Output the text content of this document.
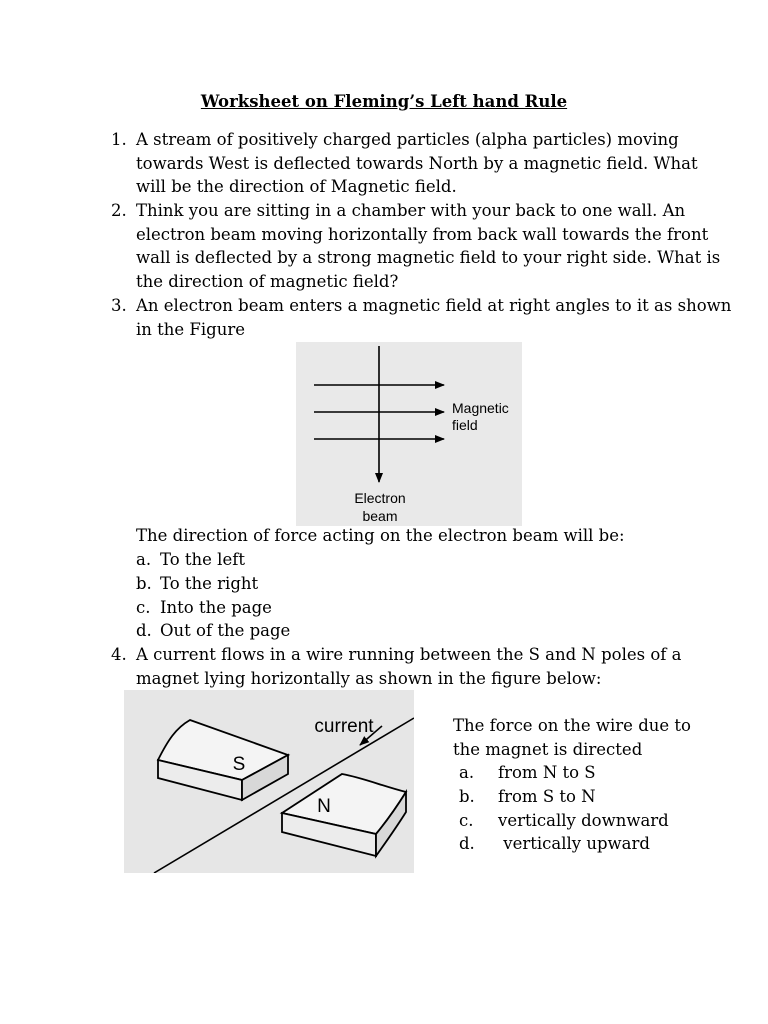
Worksheet on Fleming’s Left hand Rule
1. A stream of positively charged particles (alpha particles) moving
towards West is deflected towards North by a magnetic field. What
will be the direction of Magnetic field.
2. Think you are sitting in a chamber with your back to one wall. An
electron beam moving horizontally from back wall towards the front
wall is deflected by a strong magnetic field to your right side. What is
the direction of magnetic field?
3. An electron beam enters a magnetic field at right angles to it as shown
in the Figure
Magnetic
field
Electron
beam
The direction of force acting on the electron beam will be:
a. To the left
b. To the right
c. Into the page
d. Out of the page
4. A current flows in a wire running between the S and N poles of a
magnet lying horizontally as shown in the figure below:
S
current
N
The force on the wire due to
the magnet is directed
a. from N to S
b. from S to N
c. vertically downward
d. vertically upward
